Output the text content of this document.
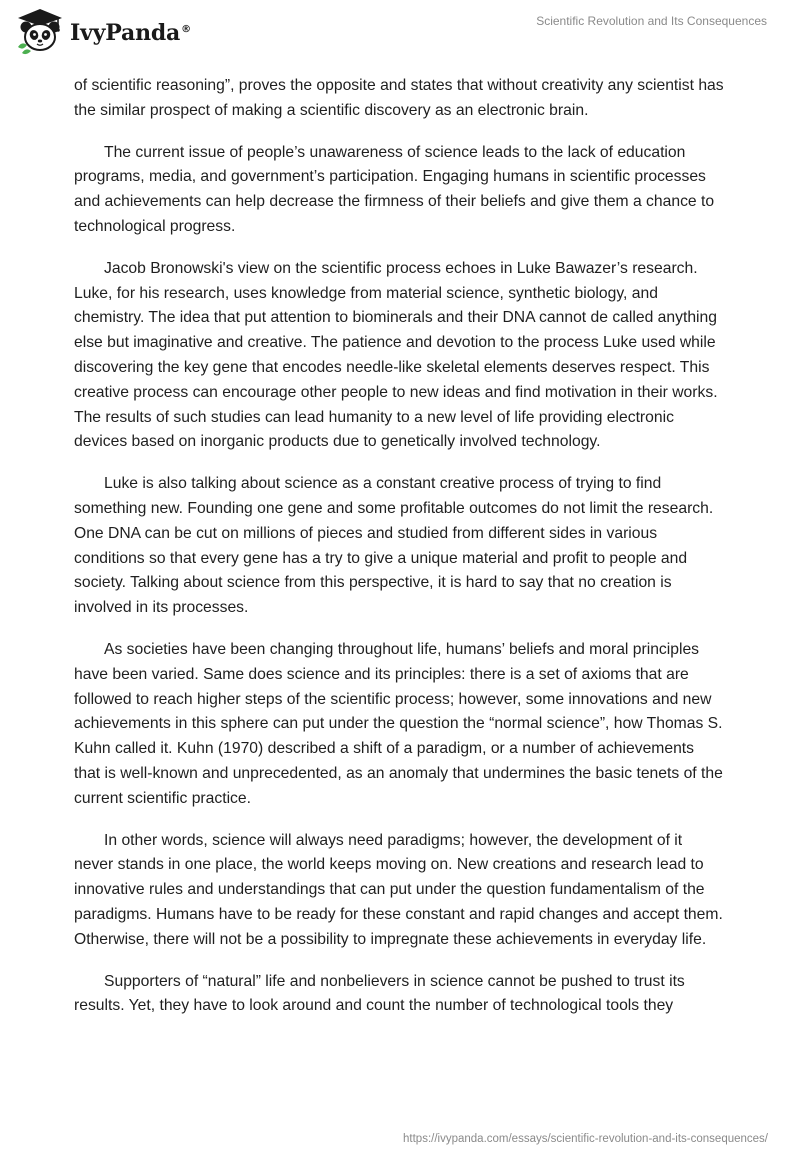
IvyPanda®
Scientific Revolution and Its Consequences

of scientific reasoning”, proves the opposite and states that without creativity any scientist has the similar prospect of making a scientific discovery as an electronic brain.

The current issue of people’s unawareness of science leads to the lack of education programs, media, and government’s participation. Engaging humans in scientific processes and achievements can help decrease the firmness of their beliefs and give them a chance to technological progress.

Jacob Bronowski's view on the scientific process echoes in Luke Bawazer’s research. Luke, for his research, uses knowledge from material science, synthetic biology, and chemistry. The idea that put attention to biominerals and their DNA cannot de called anything else but imaginative and creative. The patience and devotion to the process Luke used while discovering the key gene that encodes needle-like skeletal elements deserves respect. This creative process can encourage other people to new ideas and find motivation in their works. The results of such studies can lead humanity to a new level of life providing electronic devices based on inorganic products due to genetically involved technology.

Luke is also talking about science as a constant creative process of trying to find something new. Founding one gene and some profitable outcomes do not limit the research. One DNA can be cut on millions of pieces and studied from different sides in various conditions so that every gene has a try to give a unique material and profit to people and society. Talking about science from this perspective, it is hard to say that no creation is involved in its processes.

As societies have been changing throughout life, humans’ beliefs and moral principles have been varied. Same does science and its principles: there is a set of axioms that are followed to reach higher steps of the scientific process; however, some innovations and new achievements in this sphere can put under the question the “normal science”, how Thomas S. Kuhn called it. Kuhn (1970) described a shift of a paradigm, or a number of achievements that is well-known and unprecedented, as an anomaly that undermines the basic tenets of the current scientific practice.

In other words, science will always need paradigms; however, the development of it never stands in one place, the world keeps moving on. New creations and research lead to innovative rules and understandings that can put under the question fundamentalism of the paradigms. Humans have to be ready for these constant and rapid changes and accept them. Otherwise, there will not be a possibility to impregnate these achievements in everyday life.

Supporters of “natural” life and nonbelievers in science cannot be pushed to trust its results. Yet, they have to look around and count the number of technological tools they

https://ivypanda.com/essays/scientific-revolution-and-its-consequences/
